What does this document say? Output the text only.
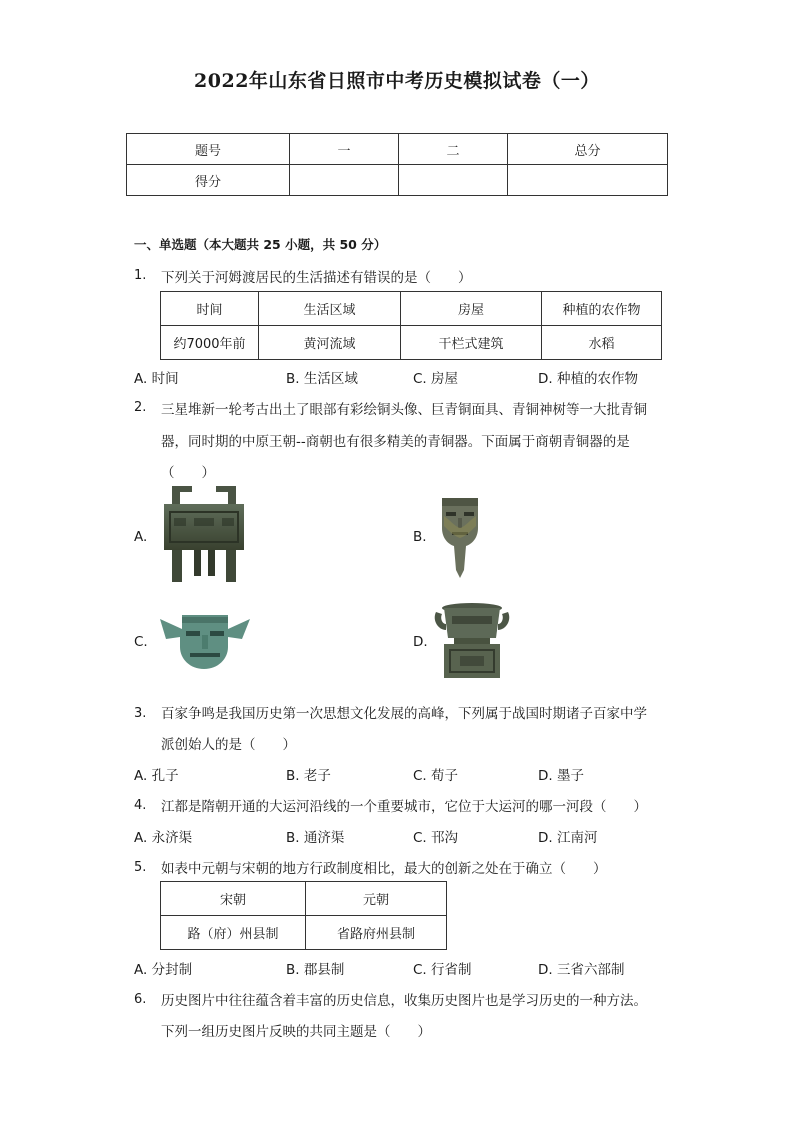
2022年山东省日照市中考历史模拟试卷（一）
题号	一	二	总分
得分			
一、单选题（本大题共 25 小题，共 50 分）
1. 下列关于河姆渡居民的生活描述有错误的是（　　）
时间	生活区域	房屋	种植的农作物
约7000年前	黄河流域	干栏式建筑	水稻
A. 时间	B. 生活区域	C. 房屋	D. 种植的农作物
2. 三星堆新一轮考古出土了眼部有彩绘铜头像、巨青铜面具、青铜神树等一大批青铜
器，同时期的中原王朝--商朝也有很多精美的青铜器。下面属于商朝青铜器的是
（　　）
A.	B.
C.	D.
3. 百家争鸣是我国历史第一次思想文化发展的高峰，下列属于战国时期诸子百家中学
派创始人的是（　　）
A. 孔子	B. 老子	C. 荀子	D. 墨子
4. 江都是隋朝开通的大运河沿线的一个重要城市，它位于大运河的哪一河段（　　）
A. 永济渠	B. 通济渠	C. 邗沟	D. 江南河
5. 如表中元朝与宋朝的地方行政制度相比，最大的创新之处在于确立（　　）
宋朝	元朝
路（府）州县制	省路府州县制
A. 分封制	B. 郡县制	C. 行省制	D. 三省六部制
6. 历史图片中往往蕴含着丰富的历史信息，收集历史图片也是学习历史的一种方法。
下列一组历史图片反映的共同主题是（　　）
